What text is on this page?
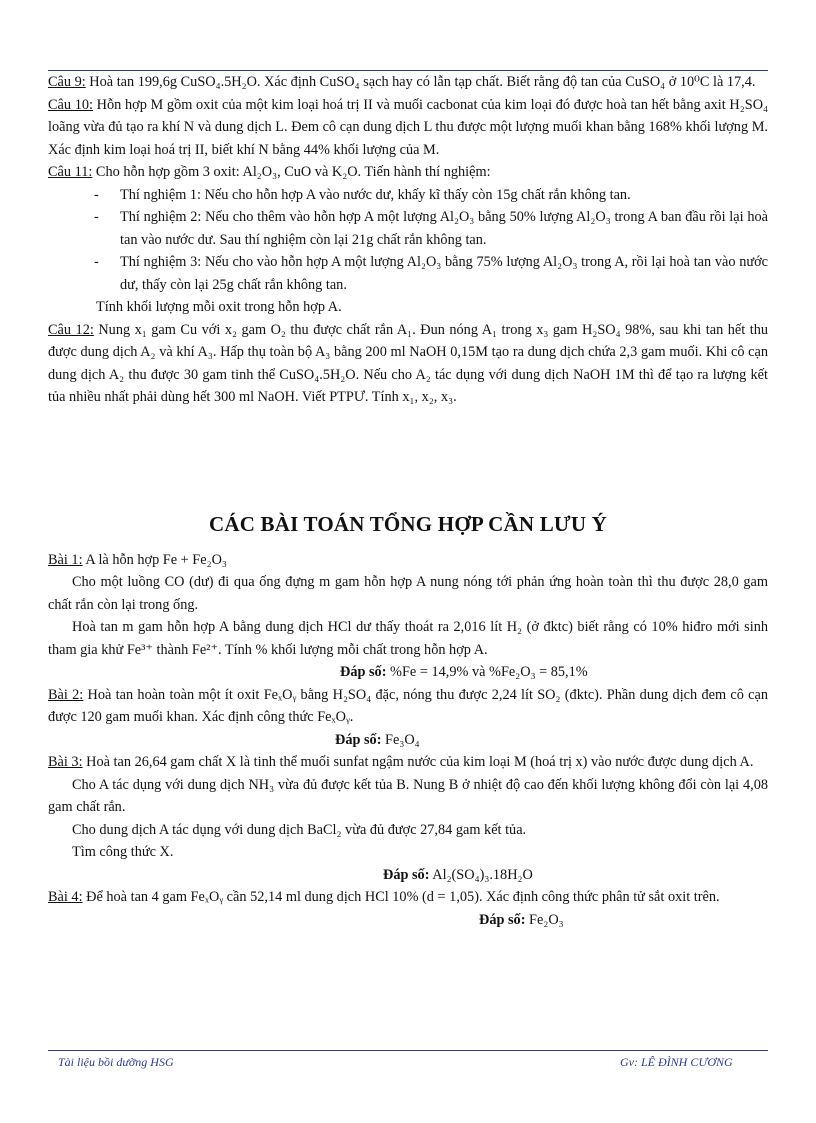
Câu 9: Hoà tan 199,6g CuSO₄.5H₂O. Xác định CuSO₄ sạch hay có lẫn tạp chất. Biết rằng độ tan của CuSO₄ ở 10⁰C là 17,4.

Câu 10: Hỗn hợp M gồm oxit của một kim loại hoá trị II và muối cacbonat của kim loại đó được hoà tan hết bằng axit H₂SO₄ loãng vừa đủ tạo ra khí N và dung dịch L. Đem cô cạn dung dịch L thu được một lượng muối khan bằng 168% khối lượng M. Xác định kim loại hoá trị II, biết khí N bằng 44% khối lượng của M.

Câu 11: Cho hỗn hợp gồm 3 oxit: Al₂O₃, CuO và K₂O. Tiến hành thí nghiệm:

- Thí nghiệm 1: Nếu cho hỗn hợp A vào nước dư, khấy kĩ thấy còn 15g chất rắn không tan.
- Thí nghiệm 2: Nếu cho thêm vào hỗn hợp A một lượng Al₂O₃ bằng 50% lượng Al₂O₃ trong A ban đầu rồi lại hoà tan vào nước dư. Sau thí nghiệm còn lại 21g chất rắn không tan.
- Thí nghiệm 3: Nếu cho vào hỗn hợp A một lượng Al₂O₃ bằng 75% lượng Al₂O₃ trong A, rồi lại hoà tan vào nước dư, thấy còn lại 25g chất rắn không tan.

Tính khối lượng mỗi oxit trong hỗn hợp A.

Câu 12: Nung x₁ gam Cu với x₂ gam O₂ thu được chất rắn A₁. Đun nóng A₁ trong x₃ gam H₂SO₄ 98%, sau khi tan hết thu được dung dịch A₂ và khí A₃. Hấp thụ toàn bộ A₃ bằng 200 ml NaOH 0,15M tạo ra dung dịch chứa 2,3 gam muối. Khi cô cạn dung dịch A₂ thu được 30 gam tinh thể CuSO₄.5H₂O. Nếu cho A₂ tác dụng với dung dịch NaOH 1M thì để tạo ra lượng kết tủa nhiều nhất phải dùng hết 300 ml NaOH. Viết PTPƯ. Tính x₁, x₂, x₃.

CÁC BÀI TOÁN TỔNG HỢP CẦN LƯU Ý

Bài 1: A là hỗn hợp Fe + Fe₂O₃

Cho một luồng CO (dư) đi qua ống đựng m gam hỗn hợp A nung nóng tới phản ứng hoàn toàn thì thu được 28,0 gam chất rắn còn lại trong ống.

Hoà tan m gam hỗn hợp A bằng dung dịch HCl dư thấy thoát ra 2,016 lít H₂ (ở đktc) biết rằng có 10% hiđro mới sinh tham gia khử Fe³⁺ thành Fe²⁺. Tính % khối lượng mỗi chất trong hỗn hợp A.

Đáp số: %Fe = 14,9% và %Fe₂O₃ = 85,1%

Bài 2: Hoà tan hoàn toàn một ít oxit FeₓOᵧ bằng H₂SO₄ đặc, nóng thu được 2,24 lít SO₂ (đktc). Phần dung dịch đem cô cạn được 120 gam muối khan. Xác định công thức FeₓOᵧ.

Đáp số: Fe₃O₄

Bài 3: Hoà tan 26,64 gam chất X là tinh thể muối sunfat ngậm nước của kim loại M (hoá trị x) vào nước được dung dịch A.

Cho A tác dụng với dung dịch NH₃ vừa đủ được kết tủa B. Nung B ở nhiệt độ cao đến khối lượng không đổi còn lại 4,08 gam chất rắn.

Cho dung dịch A tác dụng với dung dịch BaCl₂ vừa đủ được 27,84 gam kết tủa.

Tìm công thức X.

Đáp số: Al₂(SO₄)₃.18H₂O

Bài 4: Để hoà tan 4 gam FeₓOᵧ cần 52,14 ml dung dịch HCl 10% (d = 1,05). Xác định công thức phân tử sắt oxit trên.

Đáp số: Fe₂O₃

Tài liệu bồi dưỡng HSG	Gv: LÊ ĐÌNH CƯƠNG
